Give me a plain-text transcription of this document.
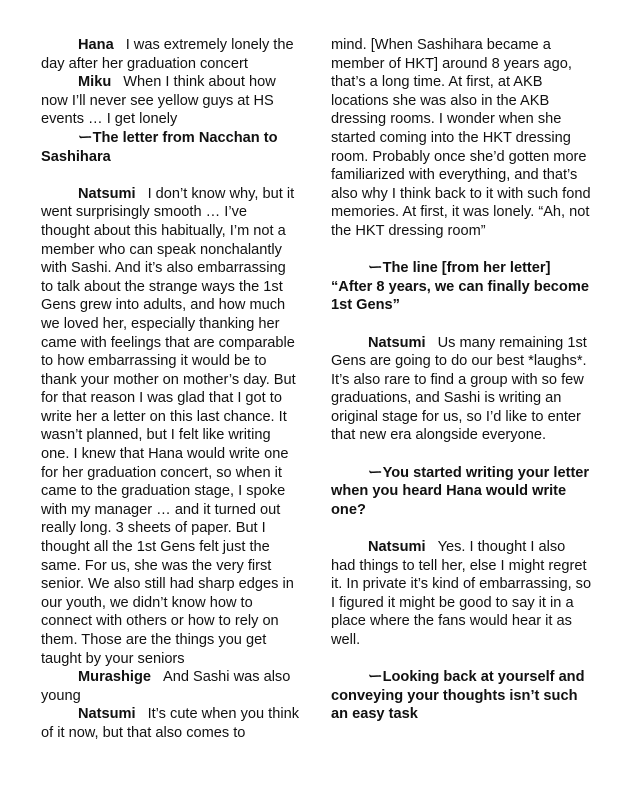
Hana I was extremely lonely the day after her graduation concert

Miku When I think about how now I’ll never see yellow guys at HS events … I get lonely

ーThe letter from Nacchan to Sashihara

Natsumi I don’t know why, but it went surprisingly smooth … I’ve thought about this habitually, I’m not a member who can speak nonchalantly with Sashi. And it’s also embarrassing to talk about the strange ways the 1st Gens grew into adults, and how much we loved her, especially thanking her came with feelings that are comparable to how embarrassing it would be to thank your mother on mother’s day. But for that reason I was glad that I got to write her a letter on this last chance. It wasn’t planned, but I felt like writing one. I knew that Hana would write one for her graduation concert, so when it came to the graduation stage, I spoke with my manager … and it turned out really long. 3 sheets of paper. But I thought all the 1st Gens felt just the same. For us, she was the very first senior. We also still had sharp edges in our youth, we didn’t know how to connect with others or how to rely on them. Those are the things you get taught by your seniors

Murashige And Sashi was also young

Natsumi It’s cute when you think of it now, but that also comes to

mind. [When Sashihara became a member of HKT] around 8 years ago, that’s a long time. At first, at AKB locations she was also in the AKB dressing rooms. I wonder when she started coming into the HKT dressing room. Probably once she’d gotten more familiarized with everything, and that’s also why I think back to it with such fond memories. At first, it was lonely. “Ah, not the HKT dressing room”

ーThe line [from her letter] “After 8 years, we can finally become 1st Gens”

Natsumi Us many remaining 1st Gens are going to do our best *laughs*. It’s also rare to find a group with so few graduations, and Sashi is writing an original stage for us, so I’d like to enter that new era alongside everyone.

ーYou started writing your letter when you heard Hana would write one?

Natsumi Yes. I thought I also had things to tell her, else I might regret it. In private it’s kind of embarrassing, so I figured it might be good to say it in a place where the fans would hear it as well.

ーLooking back at yourself and conveying your thoughts isn’t such an easy task
